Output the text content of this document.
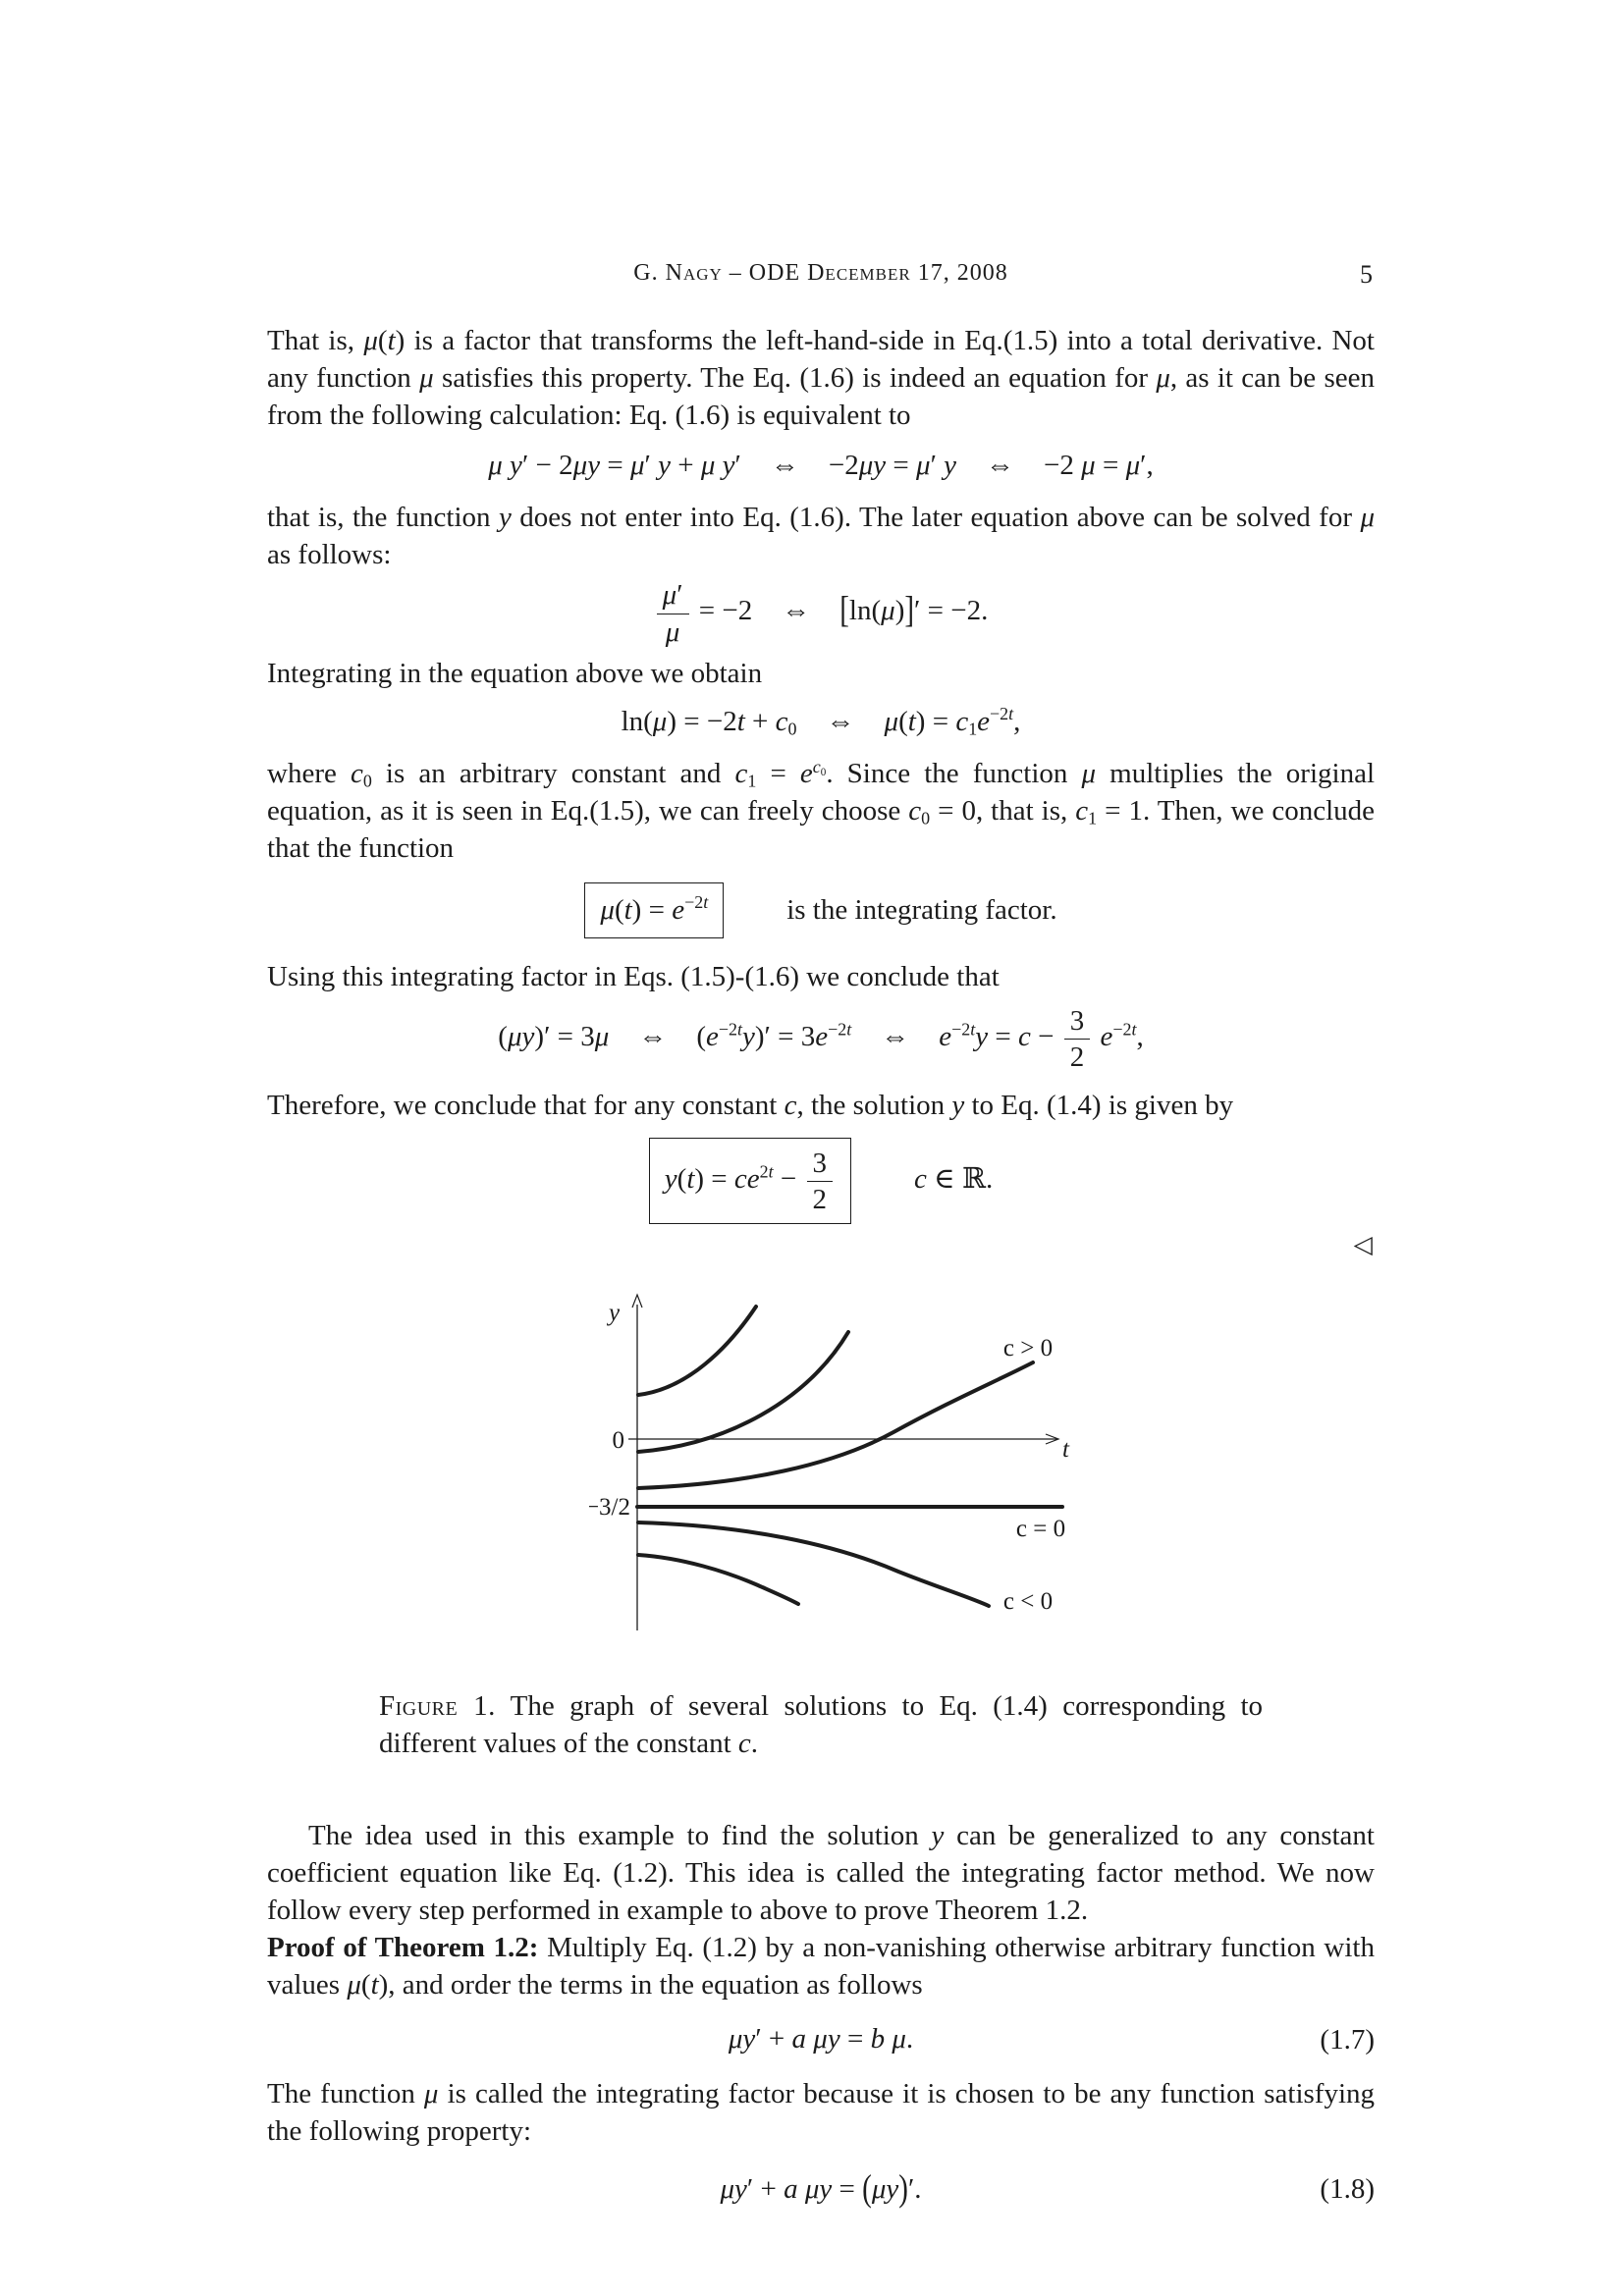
G. Nagy – ODE December 17, 2008	5

That is, μ(t) is a factor that transforms the left-hand-side in Eq.(1.5) into a total derivative. Not any function μ satisfies this property. The Eq. (1.6) is indeed an equation for μ, as it can be seen from the following calculation: Eq. (1.6) is equivalent to

μ y′ − 2μy = μ′ y + μ y′ ⇔ −2μy = μ′ y ⇔ −2 μ = μ′,

that is, the function y does not enter into Eq. (1.6). The later equation above can be solved for μ as follows:

$\frac{\mu'}{\mu} = -2$ ⇔ [ln(μ)]′ = −2.

Integrating in the equation above we obtain

$\ln(\mu) = -2t + c_0$ ⇔ $\mu(t) = c_1e^{-2t}$,

where $c_0$ is an arbitrary constant and $c_1 = e^{c_0}$. Since the function μ multiplies the original equation, as it is seen in Eq.(1.5), we can freely choose $c_0 = 0$, that is, $c_1 = 1$. Then, we conclude that the function

$\mu(t) = e^{-2t}$	is the integrating factor.

Using this integrating factor in Eqs. (1.5)-(1.6) we conclude that

(μy)′ = 3μ ⇔ $(e^{-2t}y)' = 3e^{-2t}$ ⇔ $e^{-2t}y = c - \frac{3}{2} e^{-2t}$,

Therefore, we conclude that for any constant c, the solution y to Eq. (1.4) is given by

$y(t) = ce^{2t} - \frac{3}{2}$	c ∈ ℝ.
◁
y
t
0
−3/2
c > 0
c = 0
c < 0
Figure 1. The graph of several solutions to Eq. (1.4) corresponding to different values of the constant c.

The idea used in this example to find the solution y can be generalized to any constant coefficient equation like Eq. (1.2). This idea is called the integrating factor method. We now follow every step performed in example to above to prove Theorem 1.2.

Proof of Theorem 1.2: Multiply Eq. (1.2) by a non-vanishing otherwise arbitrary function with values μ(t), and order the terms in the equation as follows

μy′ + a μy = b μ.	(1.7)

The function μ is called the integrating factor because it is chosen to be any function satisfying the following property:

μy′ + a μy = (μy)′.	(1.8)
